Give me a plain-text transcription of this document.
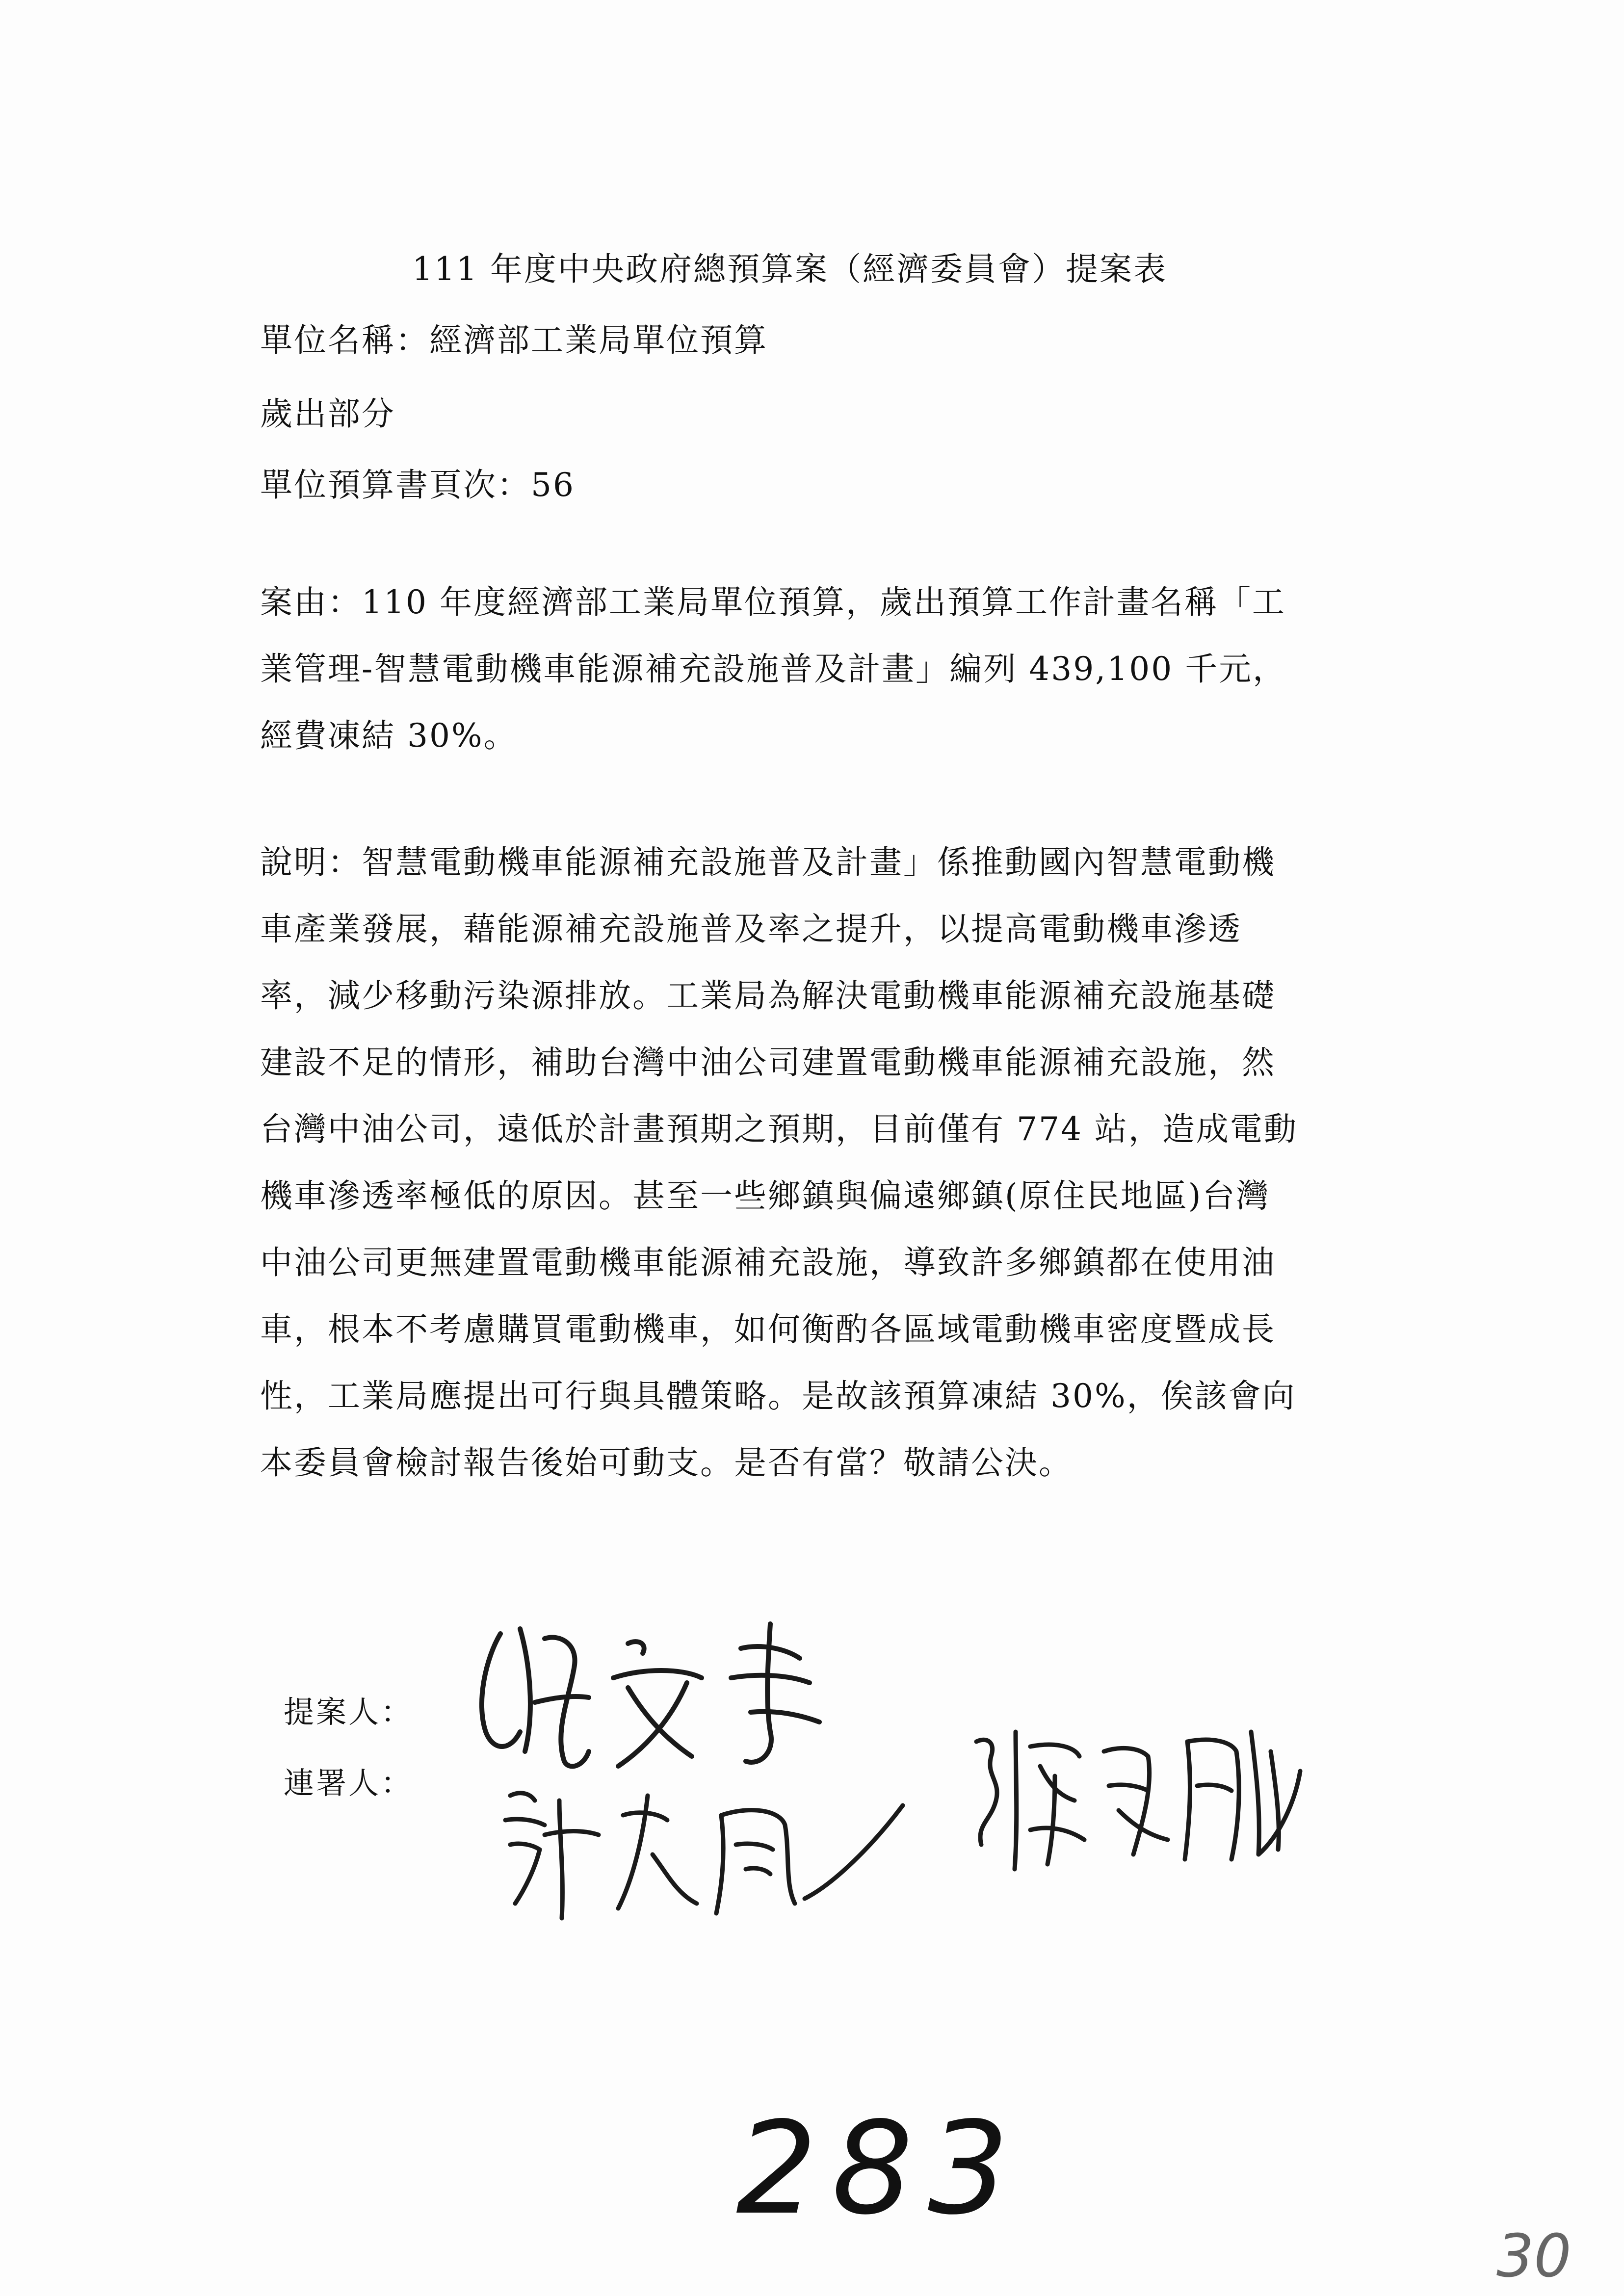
111 年度中央政府總預算案（經濟委員會）提案表
單位名稱：經濟部工業局單位預算
歲出部分
單位預算書頁次：56
案由：110 年度經濟部工業局單位預算，歲出預算工作計畫名稱「工
業管理-智慧電動機車能源補充設施普及計畫」編列 439,100 千元，
經費凍結 30%。
說明：智慧電動機車能源補充設施普及計畫」係推動國內智慧電動機
車產業發展，藉能源補充設施普及率之提升，以提高電動機車滲透
率，減少移動污染源排放。工業局為解決電動機車能源補充設施基礎
建設不足的情形，補助台灣中油公司建置電動機車能源補充設施，然
台灣中油公司，遠低於計畫預期之預期，目前僅有 774 站，造成電動
機車滲透率極低的原因。甚至一些鄉鎮與偏遠鄉鎮(原住民地區)台灣
中油公司更無建置電動機車能源補充設施，導致許多鄉鎮都在使用油
車，根本不考慮購買電動機車，如何衡酌各區域電動機車密度暨成長
性，工業局應提出可行與具體策略。是故該預算凍結 30%，俟該會向
本委員會檢討報告後始可動支。是否有當？敬請公決。
提案人：
連署人：
283
30
